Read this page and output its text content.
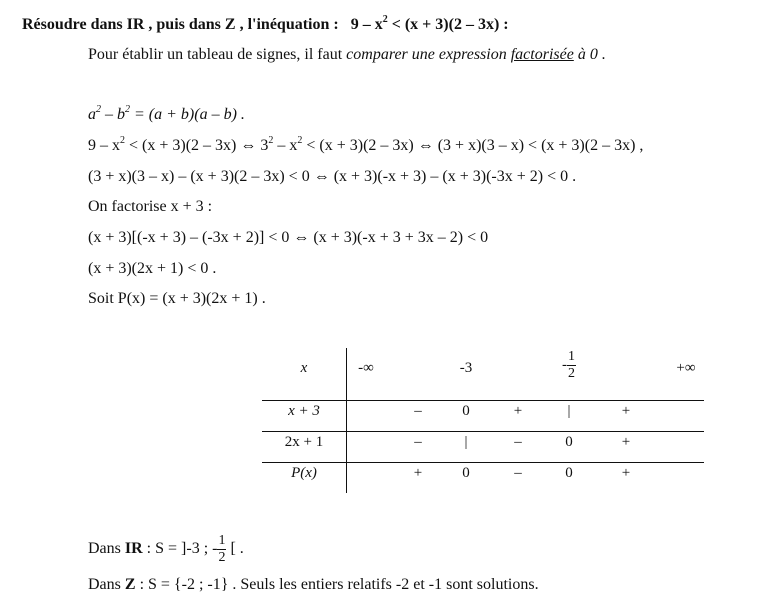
Résoudre dans IR , puis dans Z , l'inéquation : $9 - x^2 < (x + 3)(2 - 3x)$ :
Pour établir un tableau de signes, il faut comparer une expression factorisée à 0 .
$a^2 - b^2 = (a + b)(a - b)$ .
$9 - x^2 < (x + 3)(2 - 3x)$ ⇔ $3^2 - x^2 < (x + 3)(2 - 3x)$ ⇔ (3 + x)(3 – x) < (x + 3)(2 – 3x) ,
(3 + x)(3 – x) – (x + 3)(2 – 3x) < 0 ⇔ (x + 3)(-x + 3) – (x + 3)(-3x + 2) < 0 .
On factorise x + 3 :
(x + 3)[(-x + 3) – (-3x + 2)] < 0 ⇔ (x + 3)(-x + 3 + 3x – 2) < 0
(x + 3)(2x + 1) < 0 .
Soit P(x) = (x + 3)(2x + 1) .
x	-∞	-3	- $\frac{1}{2}$	+∞
x + 3	–	0	+	|	+
2x + 1	–	|	–	0	+
P(x)	+	0	–	0	+
Dans IR : S = ]-3 ; - $\frac{1}{2}$ [ .
Dans Z : S = {-2 ; -1} . Seuls les entiers relatifs -2 et -1 sont solutions.
